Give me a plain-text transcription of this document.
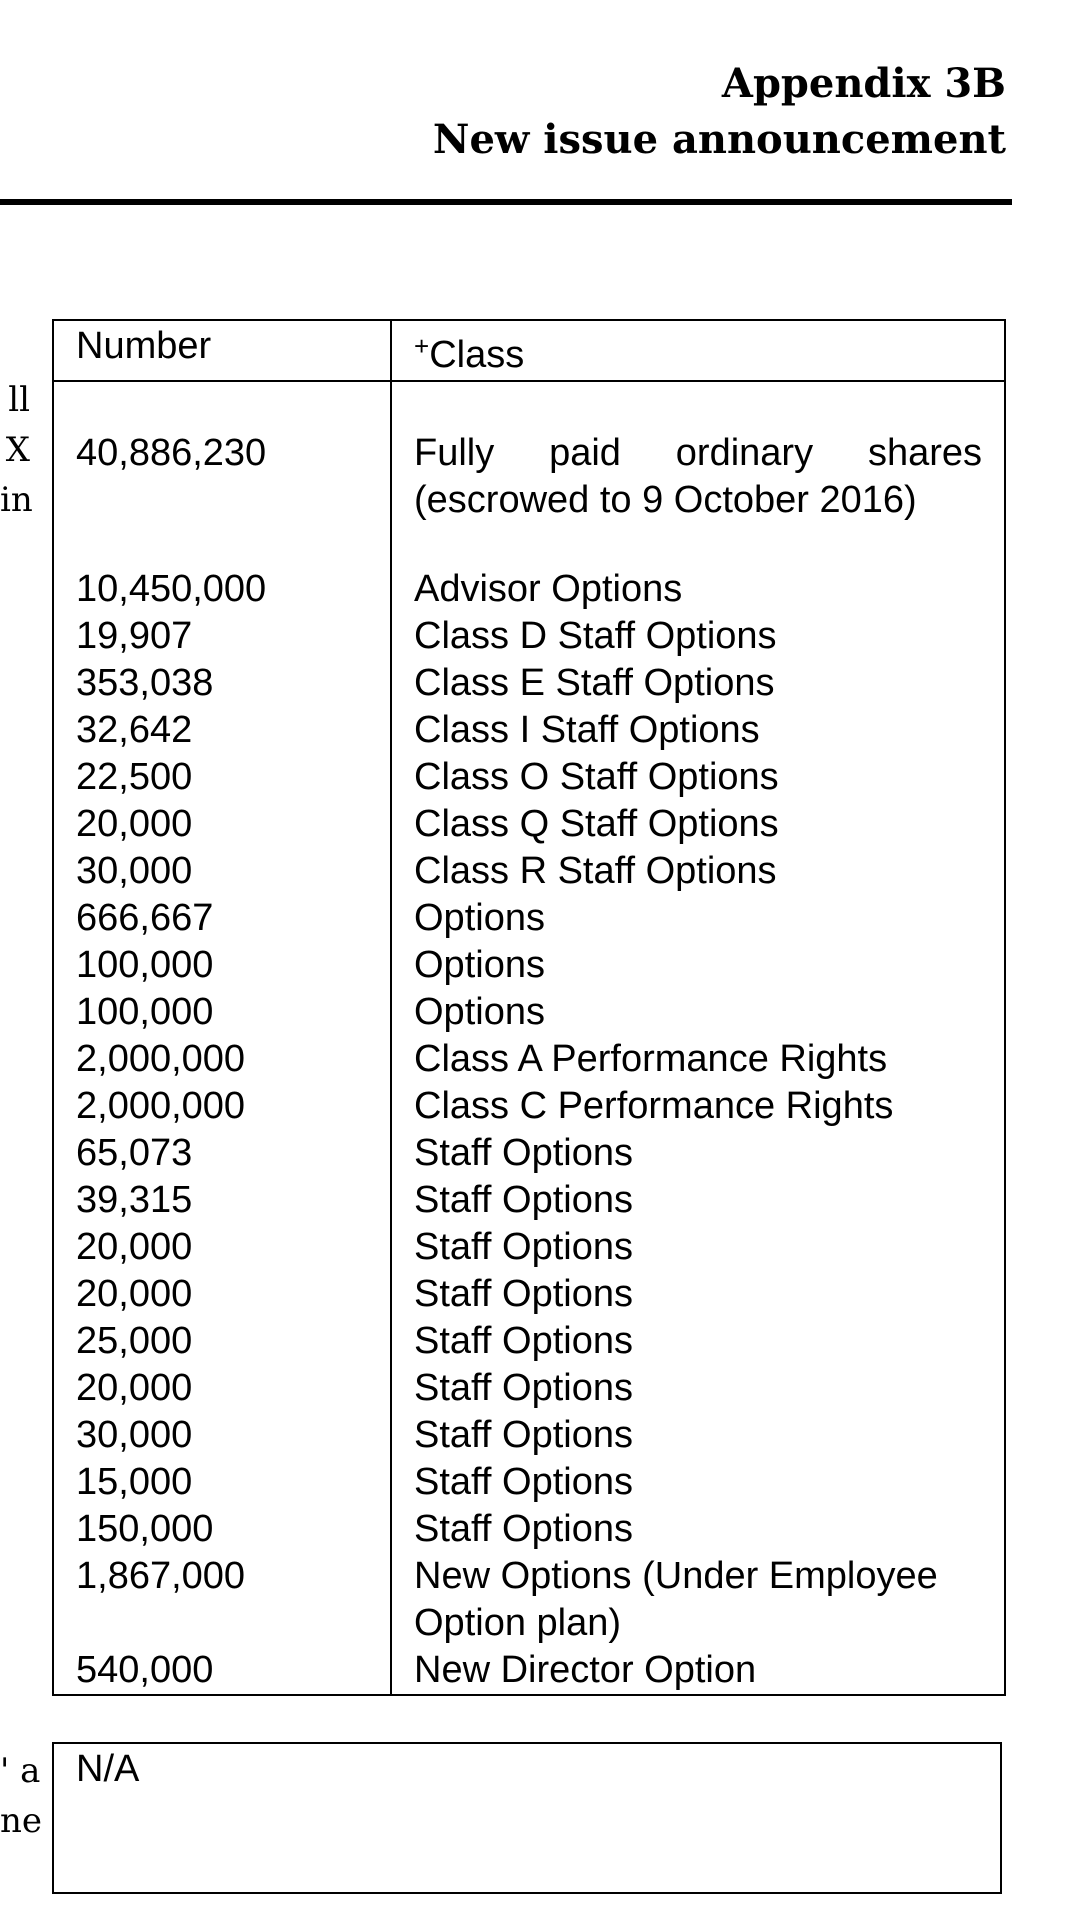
Appendix 3B
New issue announcement
ll
X
in
Number	+Class
40,886,230	Fully paid ordinary shares (escrowed to 9 October 2016)
10,450,000	Advisor Options
19,907	Class D Staff Options
353,038	Class E Staff Options
32,642	Class I Staff Options
22,500	Class O Staff Options
20,000	Class Q Staff Options
30,000	Class R Staff Options
666,667	Options
100,000	Options
100,000	Options
2,000,000	Class A Performance Rights
2,000,000	Class C Performance Rights
65,073	Staff Options
39,315	Staff Options
20,000	Staff Options
20,000	Staff Options
25,000	Staff Options
20,000	Staff Options
30,000	Staff Options
15,000	Staff Options
150,000	Staff Options
1,867,000	New Options (Under Employee Option plan)
540,000	New Director Option
' a
ne
N/A
